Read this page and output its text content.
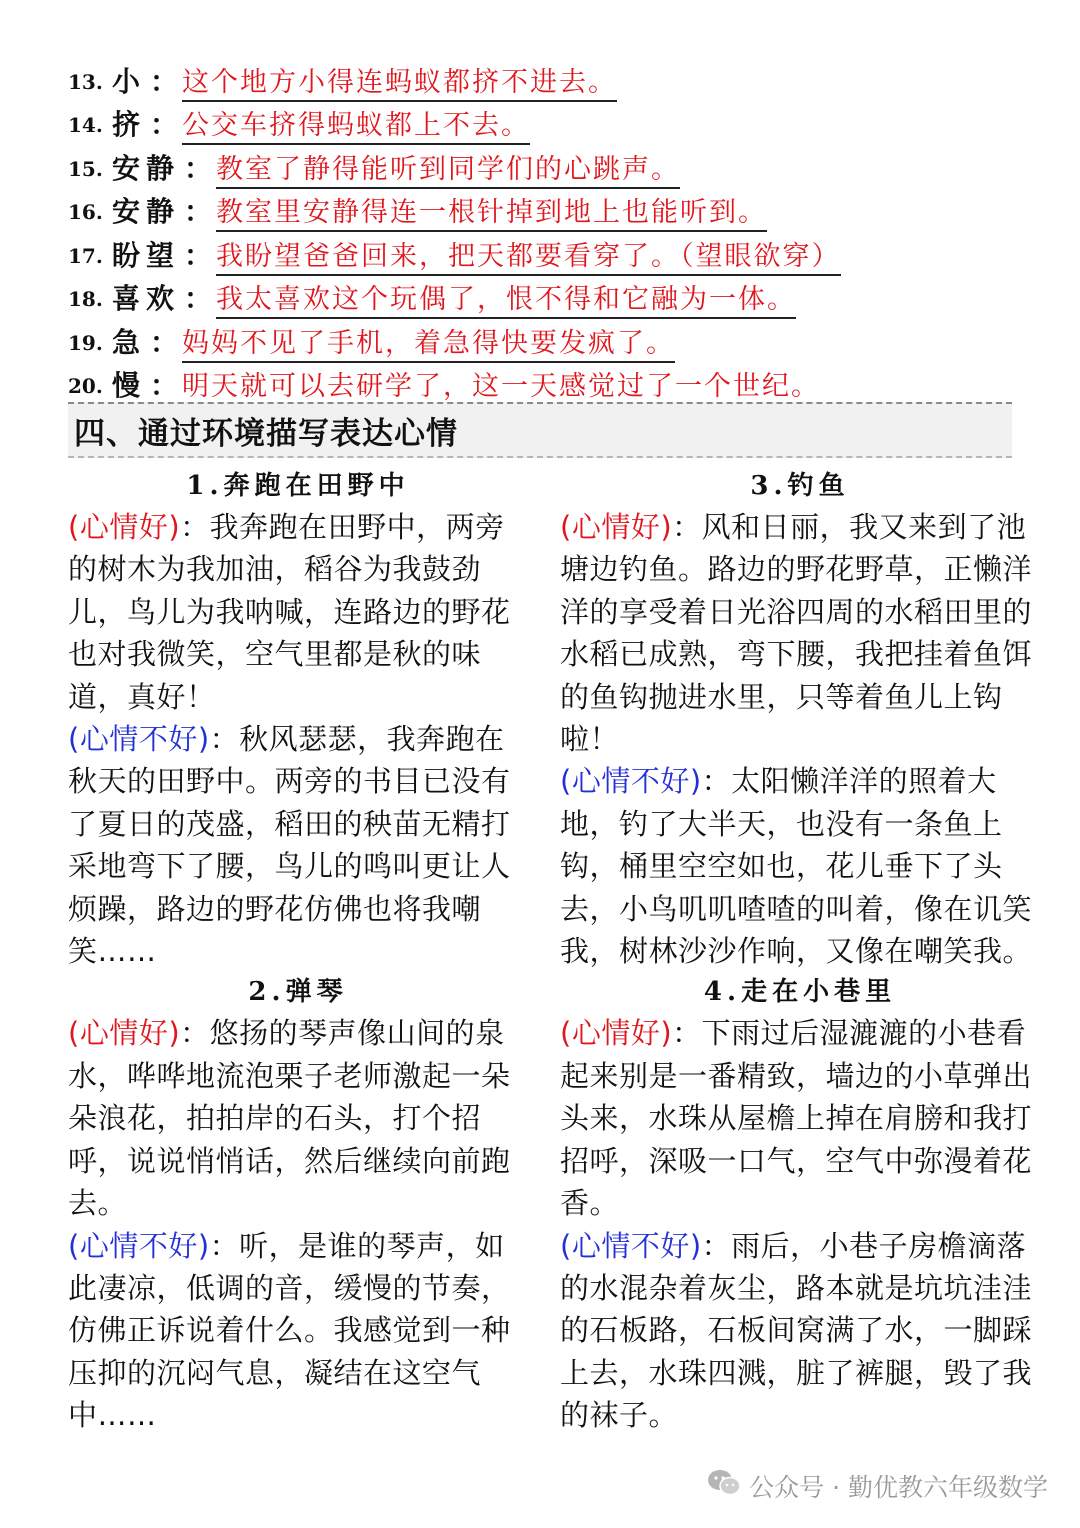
13. 小 ： 这个地方小得连蚂蚁都挤不进去。
14. 挤 ： 公交车挤得蚂蚁都上不去。
15. 安静 ： 教室了静得能听到同学们的心跳声。
16. 安静 ： 教室里安静得连一根针掉到地上也能听到。
17. 盼望 ： 我盼望爸爸回来，把天都要看穿了。（望眼欲穿）
18. 喜欢 ： 我太喜欢这个玩偶了，恨不得和它融为一体。
19. 急 ： 妈妈不见了手机，着急得快要发疯了。
20. 慢 ： 明天就可以去研学了，这一天感觉过了一个世纪。
四、通过环境描写表达心情
1.奔跑在田野中

(心情好)：我奔跑在田野中，两旁的树木为我加油，稻谷为我鼓劲儿，鸟儿为我呐喊，连路边的野花也对我微笑，空气里都是秋的味道，真好！

(心情不好)：秋风瑟瑟，我奔跑在秋天的田野中。两旁的书目已没有了夏日的茂盛，稻田的秧苗无精打采地弯下了腰，鸟儿的鸣叫更让人烦躁，路边的野花仿佛也将我嘲笑……

2.弹琴

(心情好)：悠扬的琴声像山间的泉水，哗哗地流泡栗子老师激起一朵朵浪花，拍拍岸的石头，打个招呼，说说悄悄话，然后继续向前跑去。

(心情不好)：听，是谁的琴声，如此凄凉，低调的音，缓慢的节奏，仿佛正诉说着什么。我感觉到一种压抑的沉闷气息，凝结在这空气中……

3.钓鱼

(心情好)：风和日丽，我又来到了池塘边钓鱼。路边的野花野草，正懒洋洋的享受着日光浴四周的水稻田里的水稻已成熟，弯下腰，我把挂着鱼饵的鱼钩抛进水里，只等着鱼儿上钩啦！

(心情不好)：太阳懒洋洋的照着大地，钓了大半天，也没有一条鱼上钩，桶里空空如也，花儿垂下了头去，小鸟叽叽喳喳的叫着，像在讥笑我，树林沙沙作响，又像在嘲笑我。

4.走在小巷里

(心情好)：下雨过后湿漉漉的小巷看起来别是一番精致，墙边的小草弹出头来，水珠从屋檐上掉在肩膀和我打招呼，深吸一口气，空气中弥漫着花香。

(心情不好)：雨后，小巷子房檐滴落的水混杂着灰尘，路本就是坑坑洼洼的石板路，石板间窝满了水，一脚踩上去，水珠四溅，脏了裤腿，毁了我的袜子。

公众号 · 勤优教六年级数学
